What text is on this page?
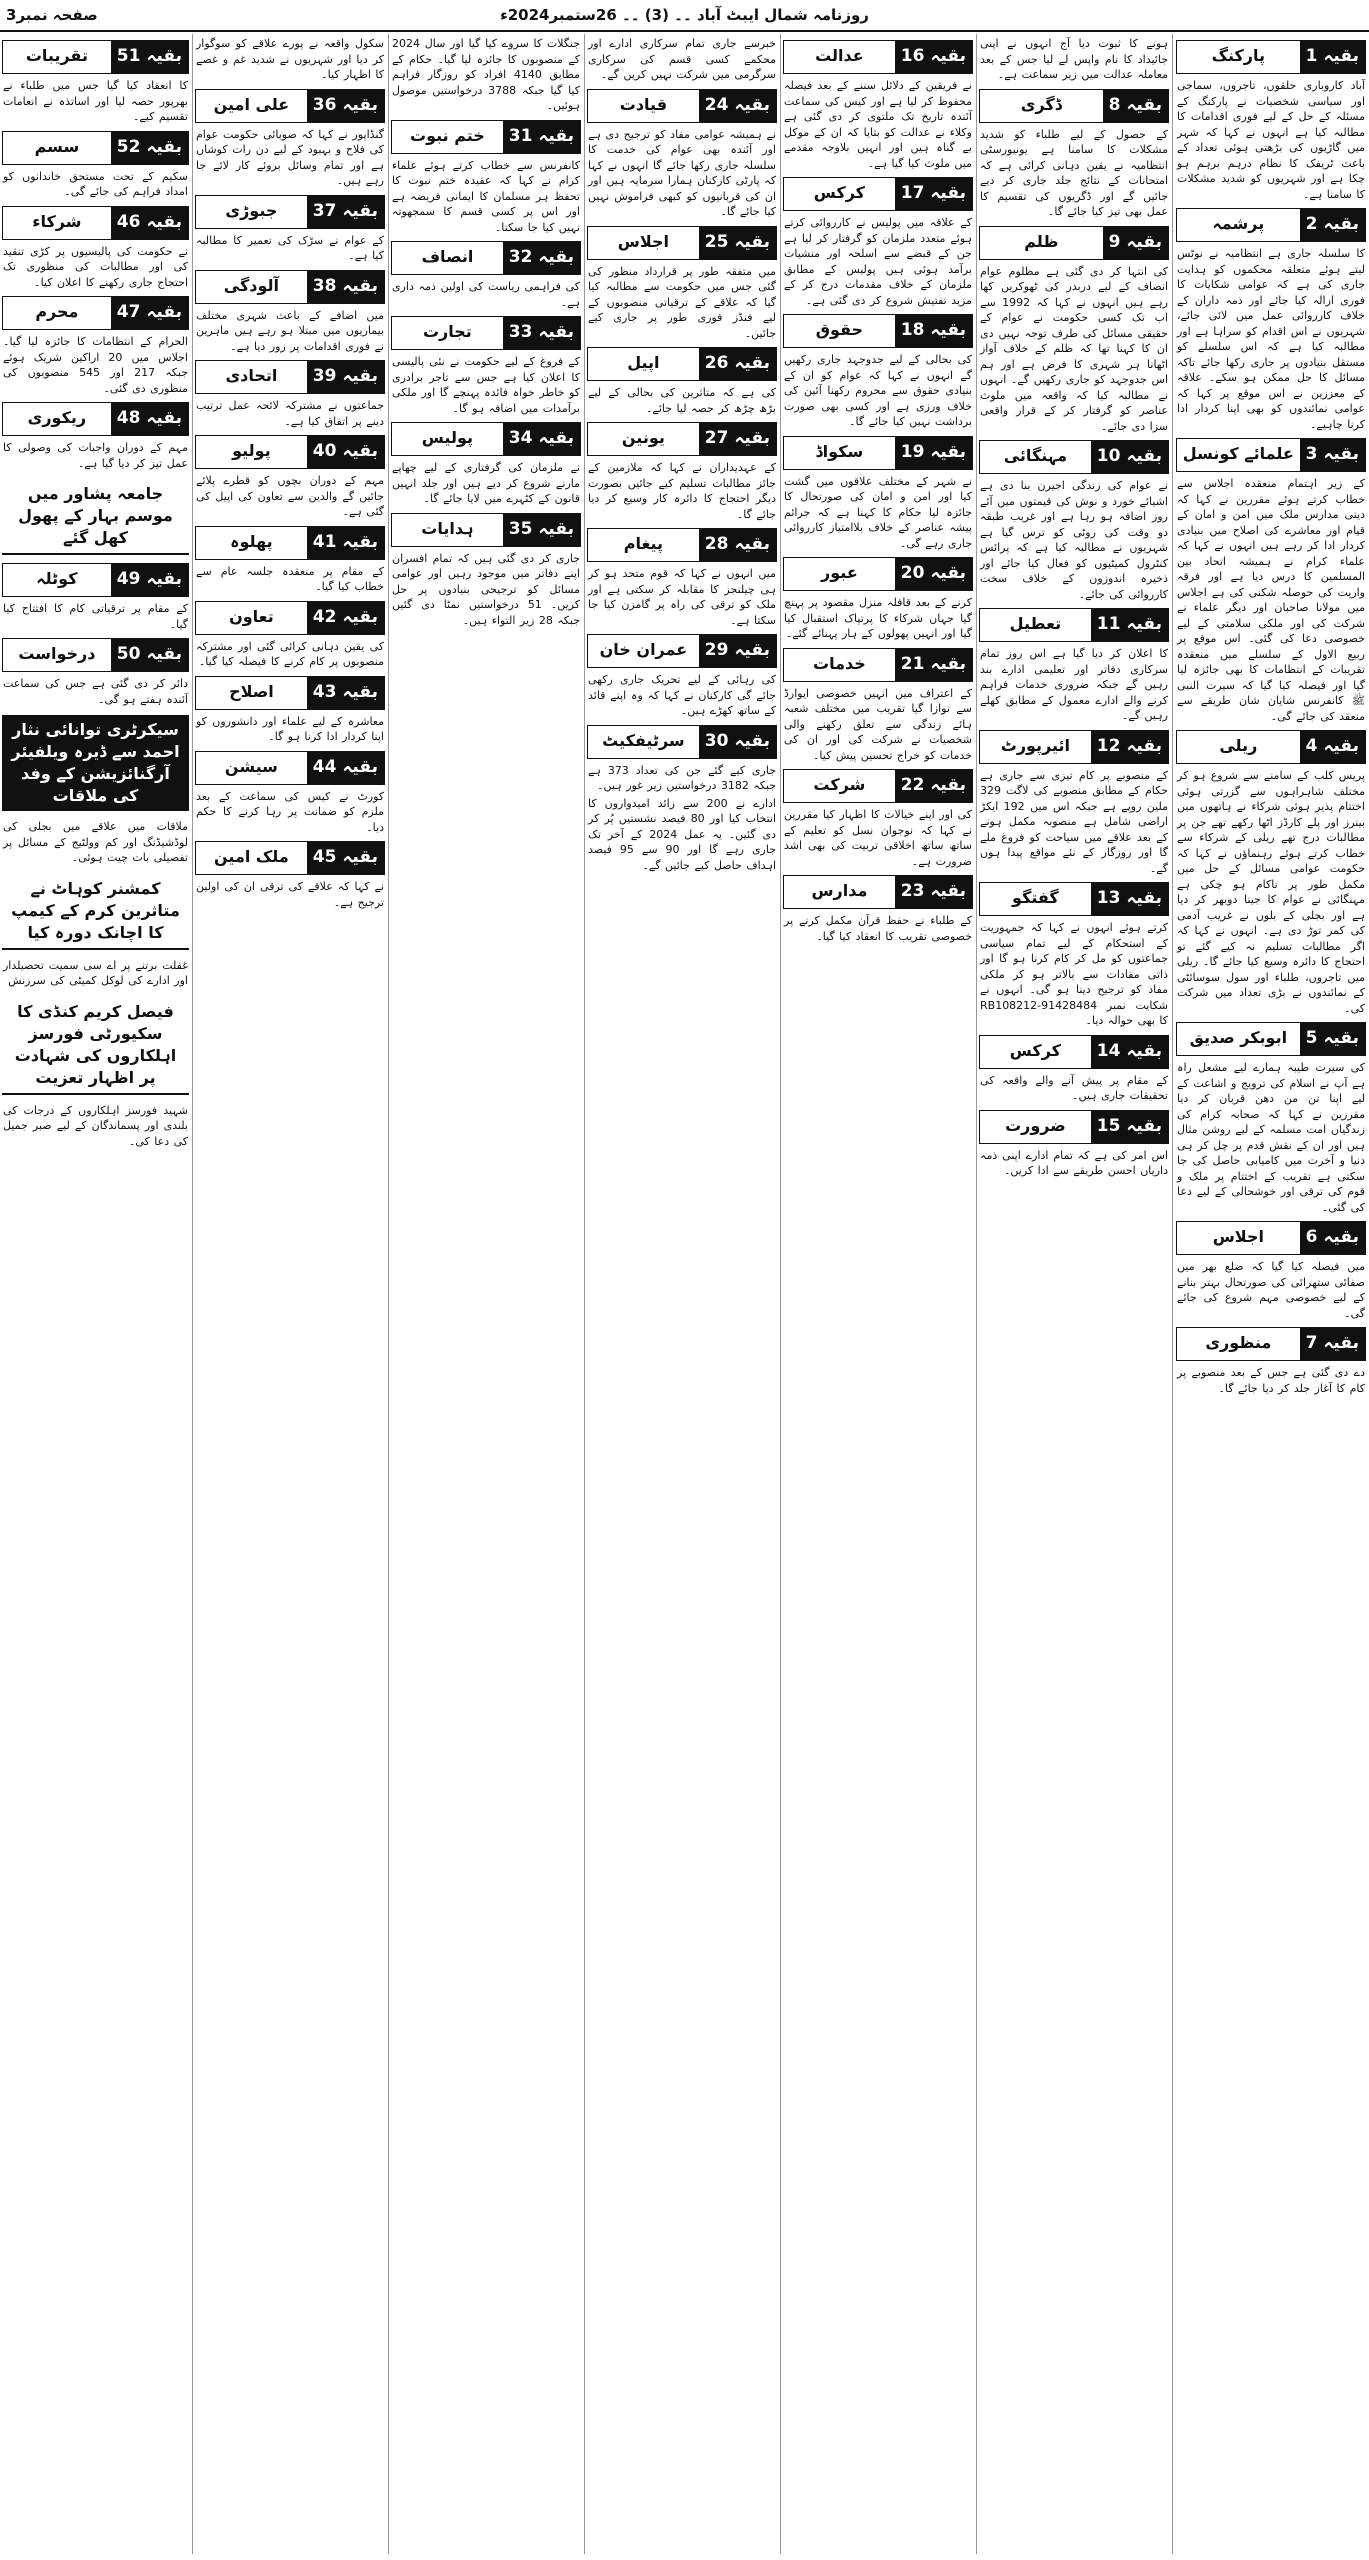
روزنامہ شمال ایبٹ آباد ۔۔ (3) ۔۔ 26ستمبر2024ء
صفحہ نمبر3
بقیہ1
پارکنگ

آباد کاروباری حلقوں، تاجروں، سماجی اور سیاسی شخصیات نے پارکنگ کے مسئلہ کے حل کے لیے فوری اقدامات کا مطالبہ کیا ہے انہوں نے کہا کہ شہر میں گاڑیوں کی بڑھتی ہوئی تعداد کے باعث ٹریفک کا نظام درہم برہم ہو چکا ہے اور شہریوں کو شدید مشکلات کا سامنا ہے۔

بقیہ2
پرشمہ

کا سلسلہ جاری ہے انتظامیہ نے نوٹس لیتے ہوئے متعلقہ محکموں کو ہدایت جاری کی ہے کہ عوامی شکایات کا فوری ازالہ کیا جائے اور ذمہ داران کے خلاف کارروائی عمل میں لائی جائے، شہریوں نے اس اقدام کو سراہا ہے اور مطالبہ کیا ہے کہ اس سلسلے کو مستقل بنیادوں پر جاری رکھا جائے تاکہ مسائل کا حل ممکن ہو سکے۔ علاقہ کے معززین نے اس موقع پر کہا کہ عوامی نمائندوں کو بھی اپنا کردار ادا کرنا چاہیے۔

بقیہ3
علمائے کونسل

کے زیر اہتمام منعقدہ اجلاس سے خطاب کرتے ہوئے مقررین نے کہا کہ دینی مدارس ملک میں امن و امان کے قیام اور معاشرے کی اصلاح میں بنیادی کردار ادا کر رہے ہیں انہوں نے کہا کہ علماء کرام نے ہمیشہ اتحاد بین المسلمین کا درس دیا ہے اور فرقہ واریت کی حوصلہ شکنی کی ہے اجلاس میں مولانا صاحبان اور دیگر علماء نے شرکت کی اور ملکی سلامتی کے لیے خصوصی دعا کی گئی۔ اس موقع پر ربیع الاول کے سلسلے میں منعقدہ تقریبات کے انتظامات کا بھی جائزہ لیا گیا اور فیصلہ کیا گیا کہ سیرت النبی ﷺ کانفرنس شایان شان طریقے سے منعقد کی جائے گی۔

بقیہ4
ریلی

پریس کلب کے سامنے سے شروع ہو کر مختلف شاہراہوں سے گزرتی ہوئی اختتام پذیر ہوئی شرکاء نے ہاتھوں میں بینرز اور پلے کارڈز اٹھا رکھے تھے جن پر مطالبات درج تھے ریلی کے شرکاء سے خطاب کرتے ہوئے رہنماؤں نے کہا کہ حکومت عوامی مسائل کے حل میں مکمل طور پر ناکام ہو چکی ہے مہنگائی نے عوام کا جینا دوبھر کر دیا ہے اور بجلی کے بلوں نے غریب آدمی کی کمر توڑ دی ہے۔ انہوں نے کہا کہ اگر مطالبات تسلیم نہ کیے گئے تو احتجاج کا دائرہ وسیع کیا جائے گا۔ ریلی میں تاجروں، طلباء اور سول سوسائٹی کے نمائندوں نے بڑی تعداد میں شرکت کی۔

بقیہ5
ابوبکر صدیق

کی سیرت طیبہ ہمارے لیے مشعل راہ ہے آپ نے اسلام کی ترویج و اشاعت کے لیے اپنا تن من دھن قربان کر دیا مقررین نے کہا کہ صحابہ کرام کی زندگیاں امت مسلمہ کے لیے روشن مثال ہیں اور ان کے نقش قدم پر چل کر ہی دنیا و آخرت میں کامیابی حاصل کی جا سکتی ہے تقریب کے اختتام پر ملک و قوم کی ترقی اور خوشحالی کے لیے دعا کی گئی۔

بقیہ6
اجلاس

میں فیصلہ کیا گیا کہ ضلع بھر میں صفائی ستھرائی کی صورتحال بہتر بنانے کے لیے خصوصی مہم شروع کی جائے گی۔

بقیہ7
منظوری

دے دی گئی ہے جس کے بعد منصوبے پر کام کا آغاز جلد کر دیا جائے گا۔

ہونے کا ثبوت دیا آج انہوں نے اپنی جائیداد کا نام واپس لے لیا جس کے بعد معاملہ عدالت میں زیر سماعت ہے۔

بقیہ8
ڈگری

کے حصول کے لیے طلباء کو شدید مشکلات کا سامنا ہے یونیورسٹی انتظامیہ نے یقین دہانی کرائی ہے کہ امتحانات کے نتائج جلد جاری کر دیے جائیں گے اور ڈگریوں کی تقسیم کا عمل بھی تیز کیا جائے گا۔

بقیہ9
ظلم

کی انتہا کر دی گئی ہے مظلوم عوام انصاف کے لیے دربدر کی ٹھوکریں کھا رہے ہیں انہوں نے کہا کہ 1992 سے اب تک کسی حکومت نے عوام کے حقیقی مسائل کی طرف توجہ نہیں دی ان کا کہنا تھا کہ ظلم کے خلاف آواز اٹھانا ہر شہری کا فرض ہے اور ہم اس جدوجہد کو جاری رکھیں گے۔ انہوں نے مطالبہ کیا کہ واقعہ میں ملوث عناصر کو گرفتار کر کے قرار واقعی سزا دی جائے۔

بقیہ10
مہنگائی

نے عوام کی زندگی اجیرن بنا دی ہے اشیائے خورد و نوش کی قیمتوں میں آئے روز اضافہ ہو رہا ہے اور غریب طبقہ دو وقت کی روٹی کو ترس گیا ہے شہریوں نے مطالبہ کیا ہے کہ پرائس کنٹرول کمیٹیوں کو فعال کیا جائے اور ذخیرہ اندوزوں کے خلاف سخت کارروائی کی جائے۔

بقیہ11
تعطیل

کا اعلان کر دیا گیا ہے اس روز تمام سرکاری دفاتر اور تعلیمی ادارے بند رہیں گے جبکہ ضروری خدمات فراہم کرنے والے ادارے معمول کے مطابق کھلے رہیں گے۔

بقیہ12
ائیرپورٹ

کے منصوبے پر کام تیزی سے جاری ہے حکام کے مطابق منصوبے کی لاگت 329 ملین روپے ہے جبکہ اس میں 192 ایکڑ اراضی شامل ہے منصوبہ مکمل ہونے کے بعد علاقے میں سیاحت کو فروغ ملے گا اور روزگار کے نئے مواقع پیدا ہوں گے۔

بقیہ13
گفتگو

کرتے ہوئے انہوں نے کہا کہ جمہوریت کے استحکام کے لیے تمام سیاسی جماعتوں کو مل کر کام کرنا ہو گا اور ذاتی مفادات سے بالاتر ہو کر ملکی مفاد کو ترجیح دینا ہو گی۔ انہوں نے شکایت نمبر RB108212-91428484 کا بھی حوالہ دیا۔

بقیہ14
کرکس

کے مقام پر پیش آنے والے واقعہ کی تحقیقات جاری ہیں۔

بقیہ15
ضرورت

اس امر کی ہے کہ تمام ادارے اپنی ذمہ داریاں احسن طریقے سے ادا کریں۔

بقیہ16
عدالت

نے فریقین کے دلائل سننے کے بعد فیصلہ محفوظ کر لیا ہے اور کیس کی سماعت آئندہ تاریخ تک ملتوی کر دی گئی ہے وکلاء نے عدالت کو بتایا کہ ان کے موکل بے گناہ ہیں اور انہیں بلاوجہ مقدمے میں ملوث کیا گیا ہے۔

بقیہ17
کرکس

کے علاقہ میں پولیس نے کارروائی کرتے ہوئے متعدد ملزمان کو گرفتار کر لیا ہے جن کے قبضے سے اسلحہ اور منشیات برآمد ہوئی ہیں پولیس کے مطابق ملزمان کے خلاف مقدمات درج کر کے مزید تفتیش شروع کر دی گئی ہے۔

بقیہ18
حقوق

کی بحالی کے لیے جدوجہد جاری رکھیں گے انہوں نے کہا کہ عوام کو ان کے بنیادی حقوق سے محروم رکھنا آئین کی خلاف ورزی ہے اور کسی بھی صورت برداشت نہیں کیا جائے گا۔

بقیہ19
سکواڈ

نے شہر کے مختلف علاقوں میں گشت کیا اور امن و امان کی صورتحال کا جائزہ لیا حکام کا کہنا ہے کہ جرائم پیشہ عناصر کے خلاف بلاامتیاز کارروائی جاری رہے گی۔

بقیہ20
عبور

کرنے کے بعد قافلہ منزل مقصود پر پہنچ گیا جہاں شرکاء کا پرتپاک استقبال کیا گیا اور انہیں پھولوں کے ہار پہنائے گئے۔

بقیہ21
خدمات

کے اعتراف میں انہیں خصوصی ایوارڈ سے نوازا گیا تقریب میں مختلف شعبہ ہائے زندگی سے تعلق رکھنے والی شخصیات نے شرکت کی اور ان کی خدمات کو خراج تحسین پیش کیا۔

بقیہ22
شرکت

کی اور اپنے خیالات کا اظہار کیا مقررین نے کہا کہ نوجوان نسل کو تعلیم کے ساتھ ساتھ اخلاقی تربیت کی بھی اشد ضرورت ہے۔

بقیہ23
مدارس

کے طلباء نے حفظ قرآن مکمل کرنے پر خصوصی تقریب کا انعقاد کیا گیا۔

خبرسے جاری تمام سرکاری ادارے اور محکمے کسی قسم کی سرکاری سرگرمی میں شرکت نہیں کریں گے۔

بقیہ24
قیادت

نے ہمیشہ عوامی مفاد کو ترجیح دی ہے اور آئندہ بھی عوام کی خدمت کا سلسلہ جاری رکھا جائے گا انہوں نے کہا کہ پارٹی کارکنان ہمارا سرمایہ ہیں اور ان کی قربانیوں کو کبھی فراموش نہیں کیا جائے گا۔

بقیہ25
اجلاس

میں متفقہ طور پر قرارداد منظور کی گئی جس میں حکومت سے مطالبہ کیا گیا کہ علاقے کے ترقیاتی منصوبوں کے لیے فنڈز فوری طور پر جاری کیے جائیں۔

بقیہ26
اپیل

کی ہے کہ متاثرین کی بحالی کے لیے بڑھ چڑھ کر حصہ لیا جائے۔

بقیہ27
یونین

کے عہدیداران نے کہا کہ ملازمین کے جائز مطالبات تسلیم کیے جائیں بصورت دیگر احتجاج کا دائرہ کار وسیع کر دیا جائے گا۔

بقیہ28
پیغام

میں انہوں نے کہا کہ قوم متحد ہو کر ہی چیلنجز کا مقابلہ کر سکتی ہے اور ملک کو ترقی کی راہ پر گامزن کیا جا سکتا ہے۔

بقیہ29
عمران خان

کی رہائی کے لیے تحریک جاری رکھی جائے گی کارکنان نے کہا کہ وہ اپنے قائد کے ساتھ کھڑے ہیں۔

بقیہ30
سرٹیفکیٹ

جاری کیے گئے جن کی تعداد 373 ہے جبکہ 3182 درخواستیں زیر غور ہیں۔

ادارے نے 200 سے زائد امیدواروں کا انتخاب کیا اور 80 فیصد نشستیں پُر کر دی گئیں۔ یہ عمل 2024 کے آخر تک جاری رہے گا اور 90 سے 95 فیصد اہداف حاصل کیے جائیں گے۔

جنگلات کا سروے کیا گیا اور سال 2024 کے منصوبوں کا جائزہ لیا گیا۔ حکام کے مطابق 4140 افراد کو روزگار فراہم کیا گیا جبکہ 3788 درخواستیں موصول ہوئیں۔

بقیہ31
ختم نبوت

کانفرنس سے خطاب کرتے ہوئے علماء کرام نے کہا کہ عقیدہ ختم نبوت کا تحفظ ہر مسلمان کا ایمانی فریضہ ہے اور اس پر کسی قسم کا سمجھوتہ نہیں کیا جا سکتا۔

بقیہ32
انصاف

کی فراہمی ریاست کی اولین ذمہ داری ہے۔

بقیہ33
تجارت

کے فروغ کے لیے حکومت نے نئی پالیسی کا اعلان کیا ہے جس سے تاجر برادری کو خاطر خواہ فائدہ پہنچے گا اور ملکی برآمدات میں اضافہ ہو گا۔

بقیہ34
پولیس

نے ملزمان کی گرفتاری کے لیے چھاپے مارنے شروع کر دیے ہیں اور جلد انہیں قانون کے کٹہرے میں لایا جائے گا۔

بقیہ35
ہدایات

جاری کر دی گئی ہیں کہ تمام افسران اپنے دفاتر میں موجود رہیں اور عوامی مسائل کو ترجیحی بنیادوں پر حل کریں۔ 51 درخواستیں نمٹا دی گئیں جبکہ 28 زیر التواء ہیں۔

سکول واقعہ نے پورے علاقے کو سوگوار کر دیا اور شہریوں نے شدید غم و غصے کا اظہار کیا۔

بقیہ36
علی امین

گنڈاپور نے کہا کہ صوبائی حکومت عوام کی فلاح و بہبود کے لیے دن رات کوشاں ہے اور تمام وسائل بروئے کار لائے جا رہے ہیں۔

بقیہ37
جبوڑی

کے عوام نے سڑک کی تعمیر کا مطالبہ کیا ہے۔

بقیہ38
آلودگی

میں اضافے کے باعث شہری مختلف بیماریوں میں مبتلا ہو رہے ہیں ماہرین نے فوری اقدامات پر زور دیا ہے۔

بقیہ39
اتحادی

جماعتوں نے مشترکہ لائحہ عمل ترتیب دینے پر اتفاق کیا ہے۔

بقیہ40
پولیو

مہم کے دوران بچوں کو قطرے پلائے جائیں گے والدین سے تعاون کی اپیل کی گئی ہے۔

بقیہ41
پھلوہ

کے مقام پر منعقدہ جلسہ عام سے خطاب کیا گیا۔

بقیہ42
تعاون

کی یقین دہانی کرائی گئی اور مشترکہ منصوبوں پر کام کرنے کا فیصلہ کیا گیا۔

بقیہ43
اصلاح

معاشرہ کے لیے علماء اور دانشوروں کو اپنا کردار ادا کرنا ہو گا۔

بقیہ44
سیشن

کورٹ نے کیس کی سماعت کے بعد ملزم کو ضمانت پر رہا کرنے کا حکم دیا۔

بقیہ45
ملک امین

نے کہا کہ علاقے کی ترقی ان کی اولین ترجیح ہے۔

بقیہ51
تقریبات

کا انعقاد کیا گیا جس میں طلباء نے بھرپور حصہ لیا اور اساتذہ نے انعامات تقسیم کیے۔

بقیہ52
سسم

سکیم کے تحت مستحق خاندانوں کو امداد فراہم کی جائے گی۔

بقیہ46
شرکاء

نے حکومت کی پالیسیوں پر کڑی تنقید کی اور مطالبات کی منظوری تک احتجاج جاری رکھنے کا اعلان کیا۔

بقیہ47
محرم

الحرام کے انتظامات کا جائزہ لیا گیا۔ اجلاس میں 20 اراکین شریک ہوئے جبکہ 217 اور 545 منصوبوں کی منظوری دی گئی۔

بقیہ48
ریکوری

مہم کے دوران واجبات کی وصولی کا عمل تیز کر دیا گیا ہے۔

جامعہ پشاور میں موسم بہار کے پھول کھل گئے
بقیہ49
کوٹلہ

کے مقام پر ترقیاتی کام کا افتتاح کیا گیا۔

بقیہ50
درخواست

دائر کر دی گئی ہے جس کی سماعت آئندہ ہفتے ہو گی۔

سیکرٹری توانائی نثار احمد سے ڈیرہ ویلفیئر آرگنائزیشن کے وفد کی ملاقات

ملاقات میں علاقے میں بجلی کی لوڈشیڈنگ اور کم وولٹیج کے مسائل پر تفصیلی بات چیت ہوئی۔

کمشنر کوہاٹ نے متاثرین کرم کے کیمپ کا اچانک دورہ کیا

غفلت برتنے پر اے سی سمیت تحصیلدار اور ادارے کی لوکل کمیٹی کی سرزنش

فیصل کریم کنڈی کا سکیورٹی فورسز اہلکاروں کی شہادت پر اظہار تعزیت

شہید فورسز اہلکاروں کے درجات کی بلندی اور پسماندگان کے لیے صبر جمیل کی دعا کی۔
